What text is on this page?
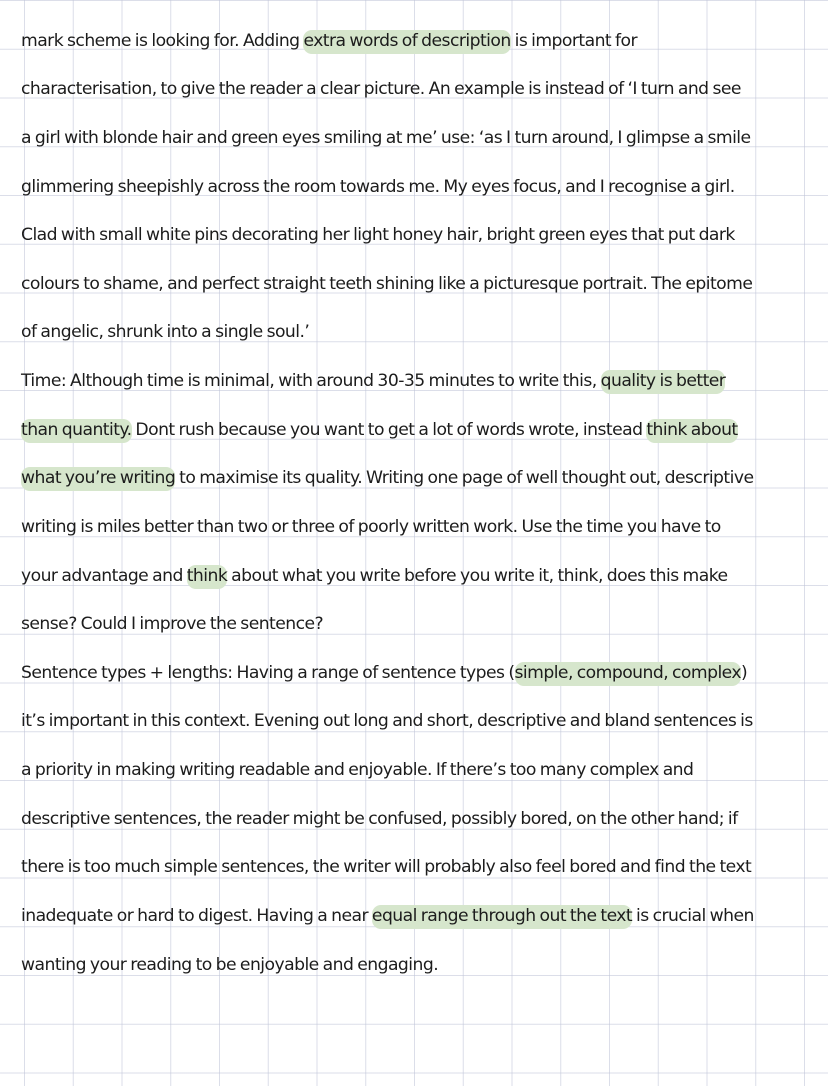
mark scheme is looking for. Adding extra words of description is important for
characterisation, to give the reader a clear picture. An example is instead of ‘I turn and see
a girl with blonde hair and green eyes smiling at me’ use: ‘as I turn around, I glimpse a smile
glimmering sheepishly across the room towards me. My eyes focus, and I recognise a girl.
Clad with small white pins decorating her light honey hair, bright green eyes that put dark
colours to shame, and perfect straight teeth shining like a picturesque portrait. The epitome
of angelic, shrunk into a single soul.’
Time: Although time is minimal, with around 30-35 minutes to write this, quality is better
than quantity. Dont rush because you want to get a lot of words wrote, instead think about
what you’re writing to maximise its quality. Writing one page of well thought out, descriptive
writing is miles better than two or three of poorly written work. Use the time you have to
your advantage and think about what you write before you write it, think, does this make
sense? Could I improve the sentence?
Sentence types + lengths: Having a range of sentence types (simple, compound, complex)
it’s important in this context. Evening out long and short, descriptive and bland sentences is
a priority in making writing readable and enjoyable. If there’s too many complex and
descriptive sentences, the reader might be confused, possibly bored, on the other hand; if
there is too much simple sentences, the writer will probably also feel bored and find the text
inadequate or hard to digest. Having a near equal range through out the text is crucial when
wanting your reading to be enjoyable and engaging.
